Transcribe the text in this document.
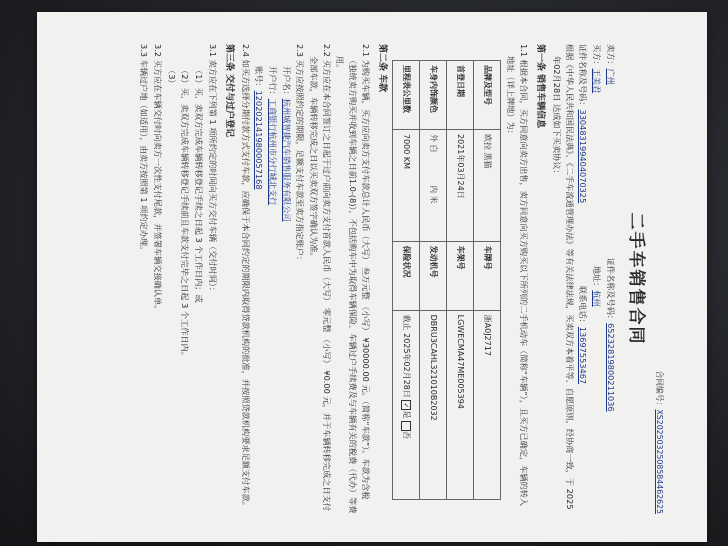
合同编号：XS2025032508584462625
二手车销售合同
卖方：广州 证件名称及号码：65232819800211036
买方：王美君 地址：杭州
证件名称及号码：330483199404070325 联系电话：13697553467
根据《中华人民共和国民法典》、《二手车流通管理办法》等有关法律法规，买卖双方本着平等、自愿原则，经协商一致，于 2025年02月28日 达成如下买卖协议：
第一条 销售车辆信息
1.1 根据本合同，买方同意向卖方出售，卖方同意向买方购买以下所列的二手机动车（简称“车辆”），且买方已确定，车辆的转入地址（详上牌地）为：
品牌及型号	欧拉 黑猫	车牌号	浙A0J2717
首登日期	2021年03月24日	车架号	LGWECMA47ME005394
车身内饰颜色	外 白 内 米	发动机号	DBRU3CAHL321010B2032
里程表公里数	7000 KM	保险状况	截止 2025年02月28日 ✓是 否
第二条 车款
2.1 为购买车辆，买方应向卖方支付车款总计人民币（大写） 叁万元整 （小写） ¥30000.00 元。（简称“车款”）。车款为含税（独统卖方购买并收到车辆之日前1.0-(8)），不包括购车中为取得车辆保险、车辆过户手续费及与车辆有关的税费（代办）等费用。
2.2 买方应在本合同签订之日起于过户前向卖方支付首款人民币（大写） 零元整 （小写） ¥0.00 元，并于车辆转移完成之日支付全部车款，车辆转移完成之日以买卖双方签字确认为准。
2.3 买方应按照约定的期限，足额支付车款至卖方指定账户：
开户名：杭州城智捷汽车销售服务有限公司
开户行：工商银行杭州市分行城北支行
账号：1202021419800057168
2.4 如买方选择分期付款方式支付车款，应确保于本合同约定的期限内取得贷款机构的批准，并按照贷款机构要求足额支付车款。
第三条 交付与过户登记
3.1 卖方应在下列第 1 项所约定的时间向买方交付车辆（交付时间）：
（1）买、卖双方完成车辆转移登记手续之日起 3 个工作日内；或
（2）买、卖双方完成车辆转移登记手续前且车款支付完毕之日起 3 个工作日内。
（3）
3.2 买方应在车辆交付时向卖方一次性支付尾款，并签署车辆交接确认单。
3.3 车辆过户地（如适用），由卖方按照第 1 项约定办理。
